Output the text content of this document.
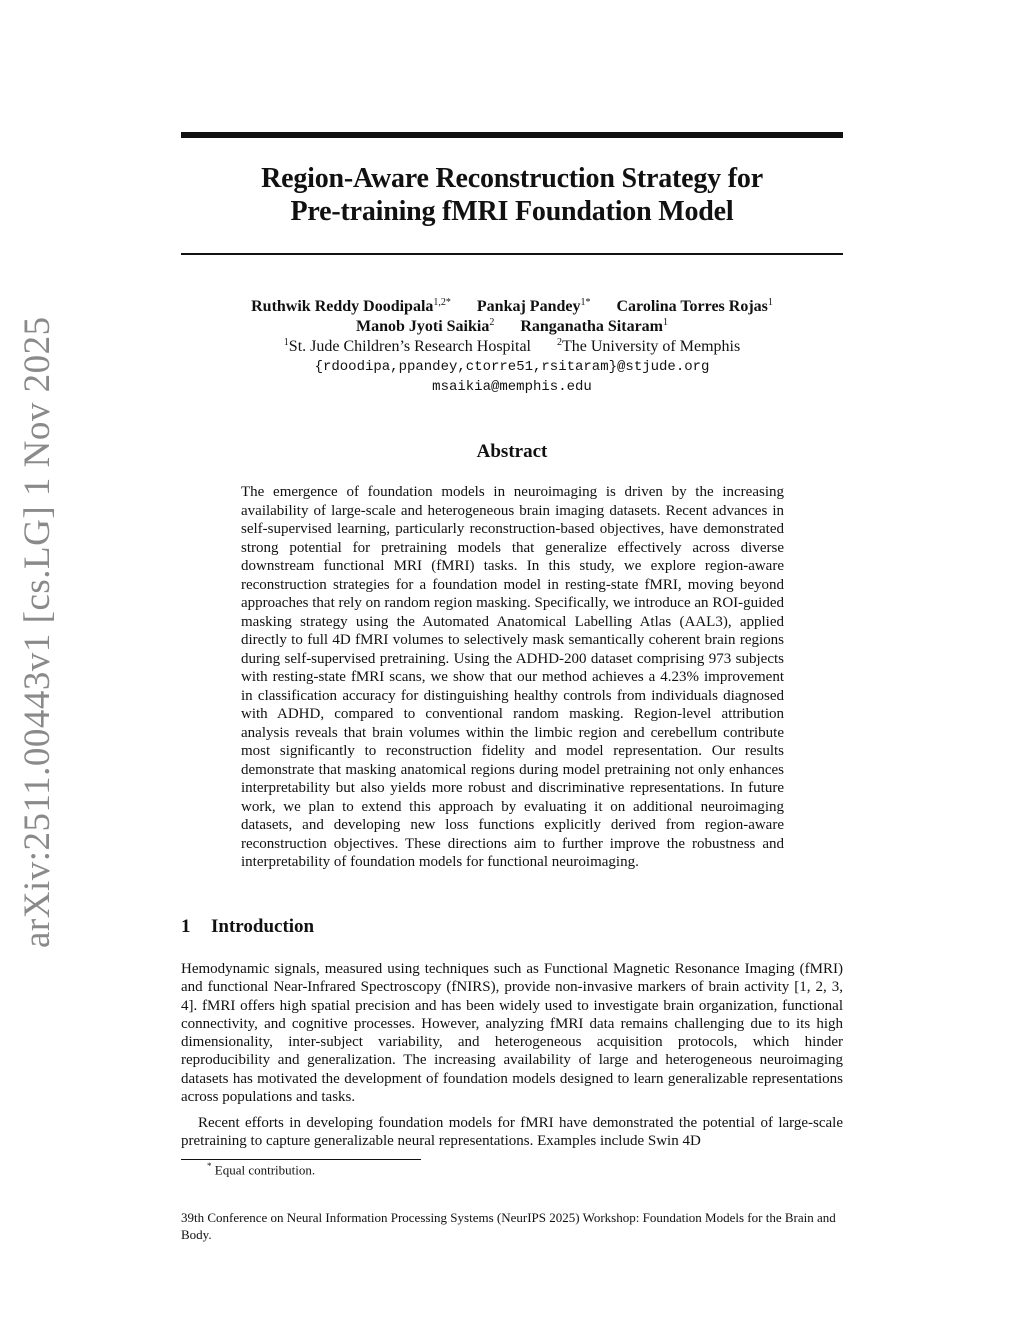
arXiv:2511.00443v1 [cs.LG] 1 Nov 2025
Region-Aware Reconstruction Strategy for
Pre-training fMRI Foundation Model
Ruthwik Reddy Doodipala$^{1,2*}$ Pankaj Pandey$^{1*}$ Carolina Torres Rojas$^1$
Manob Jyoti Saikia$^2$ Ranganatha Sitaram$^1$
$^1$St. Jude Children’s Research Hospital	$^2$The University of Memphis
{rdoodipa,ppandey,ctorre51,rsitaram}@stjude.org
msaikia@memphis.edu
Abstract
The emergence of foundation models in neuroimaging is driven by the increasing availability of large-scale and heterogeneous brain imaging datasets. Recent advances in self-supervised learning, particularly reconstruction-based objectives, have demonstrated strong potential for pretraining models that generalize effectively across diverse downstream functional MRI (fMRI) tasks. In this study, we explore region-aware reconstruction strategies for a foundation model in resting-state fMRI, moving beyond approaches that rely on random region masking. Specifically, we introduce an ROI-guided masking strategy using the Automated Anatomical Labelling Atlas (AAL3), applied directly to full 4D fMRI volumes to selectively mask semantically coherent brain regions during self-supervised pretraining. Using the ADHD-200 dataset comprising 973 subjects with resting-state fMRI scans, we show that our method achieves a 4.23% improvement in classification accuracy for distinguishing healthy controls from individuals diagnosed with ADHD, compared to conventional random masking. Region-level attribution analysis reveals that brain volumes within the limbic region and cerebellum contribute most significantly to reconstruction fidelity and model representation. Our results demonstrate that masking anatomical regions during model pretraining not only enhances interpretability but also yields more robust and discriminative representations. In future work, we plan to extend this approach by evaluating it on additional neuroimaging datasets, and developing new loss functions explicitly derived from region-aware reconstruction objectives. These directions aim to further improve the robustness and interpretability of foundation models for functional neuroimaging.
1 Introduction
Hemodynamic signals, measured using techniques such as Functional Magnetic Resonance Imaging (fMRI) and functional Near-Infrared Spectroscopy (fNIRS), provide non-invasive markers of brain activity [1, 2, 3, 4]. fMRI offers high spatial precision and has been widely used to investigate brain organization, functional connectivity, and cognitive processes. However, analyzing fMRI data remains challenging due to its high dimensionality, inter-subject variability, and heterogeneous acquisition protocols, which hinder reproducibility and generalization. The increasing availability of large and heterogeneous neuroimaging datasets has motivated the development of foundation models designed to learn generalizable representations across populations and tasks.
Recent efforts in developing foundation models for fMRI have demonstrated the potential of large-scale pretraining to capture generalizable neural representations. Examples include Swin 4D
* Equal contribution.
39th Conference on Neural Information Processing Systems (NeurIPS 2025) Workshop: Foundation Models for the Brain and Body.
